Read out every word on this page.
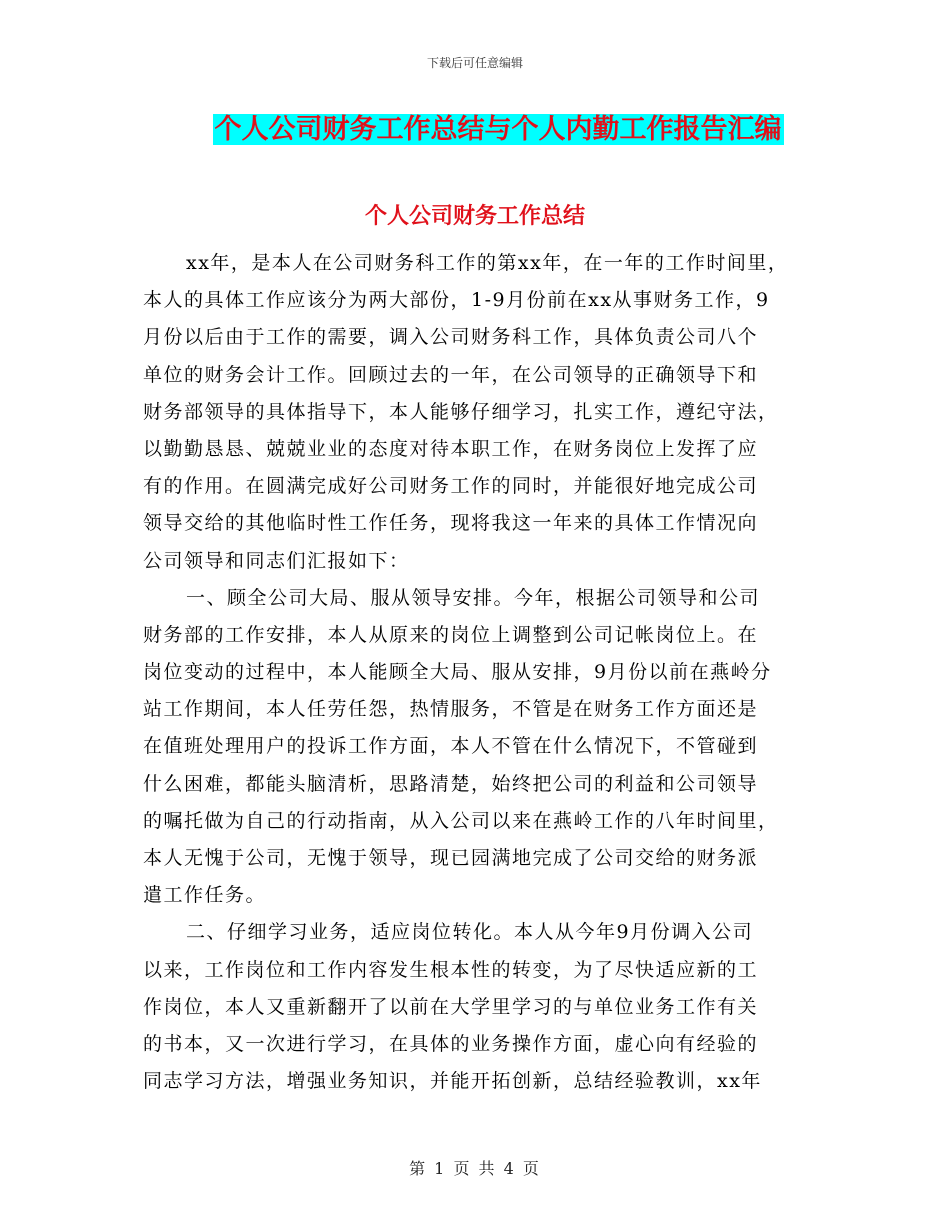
下载后可任意编辑
个人公司财务工作总结与个人内勤工作报告汇编
个人公司财务工作总结
xx年，是本人在公司财务科工作的第xx年，在一年的工作时间里，
本人的具体工作应该分为两大部份，1-9月份前在xx从事财务工作，9
月份以后由于工作的需要，调入公司财务科工作，具体负责公司八个
单位的财务会计工作。回顾过去的一年，在公司领导的正确领导下和
财务部领导的具体指导下，本人能够仔细学习，扎实工作，遵纪守法，
以勤勤恳恳、兢兢业业的态度对待本职工作，在财务岗位上发挥了应
有的作用。在圆满完成好公司财务工作的同时，并能很好地完成公司
领导交给的其他临时性工作任务，现将我这一年来的具体工作情况向
公司领导和同志们汇报如下：
一、顾全公司大局、服从领导安排。今年，根据公司领导和公司
财务部的工作安排，本人从原来的岗位上调整到公司记帐岗位上。在
岗位变动的过程中，本人能顾全大局、服从安排，9月份以前在燕岭分
站工作期间，本人任劳任怨，热情服务，不管是在财务工作方面还是
在值班处理用户的投诉工作方面，本人不管在什么情况下，不管碰到
什么困难，都能头脑清析，思路清楚，始终把公司的利益和公司领导
的嘱托做为自己的行动指南，从入公司以来在燕岭工作的八年时间里，
本人无愧于公司，无愧于领导，现已园满地完成了公司交给的财务派
遣工作任务。
二、仔细学习业务，适应岗位转化。本人从今年9月份调入公司
以来，工作岗位和工作内容发生根本性的转变，为了尽快适应新的工
作岗位，本人又重新翻开了以前在大学里学习的与单位业务工作有关
的书本，又一次进行学习，在具体的业务操作方面，虚心向有经验的
同志学习方法，增强业务知识，并能开拓创新，总结经验教训，xx年
第 1 页 共 4 页
